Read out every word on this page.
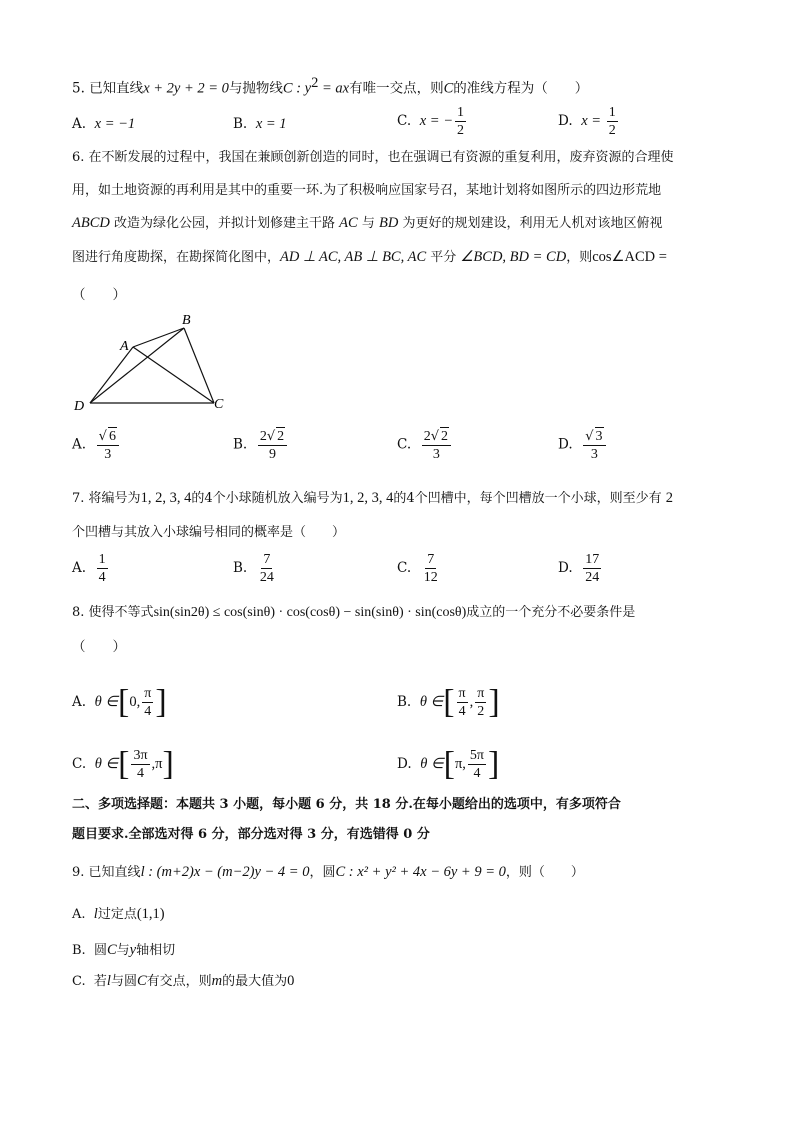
5. 已知直线x + 2y + 2 = 0与抛物线C : $y^2$ = ax有唯一交点，则C的准线方程为（　　）
A. x = −1	B. x = 1	C. x = − $\frac{1}{2}$	D. $x = \frac{1}{2}$
6. 在不断发展的过程中，我国在兼顾创新创造的同时，也在强调已有资源的重复利用，废弃资源的合理使
用，如土地资源的再利用是其中的重要一环.为了积极响应国家号召，某地计划将如图所示的四边形荒地
ABCD 改造为绿化公园，并拟计划修建主干路 AC 与 BD 为更好的规划建设，利用无人机对该地区俯视
图进行角度勘探，在勘探简化图中，AD ⊥ AC, AB ⊥ BC, AC 平分 ∠BCD, BD = CD，则cos∠ACD =
（　　）
A
B
C
D
A. $\frac{√ 6}{3}$	B. $\frac{2√ 2}{9}$	C. $\frac{2√ 2}{3}$	D. $\frac{√ 3}{3}$
7. 将编号为1, 2, 3, 4的4个小球随机放入编号为1, 2, 3, 4的4个凹槽中，每个凹槽放一个小球，则至少有 2
个凹槽与其放入小球编号相同的概率是（　　）
A. $\frac{1}{4}$	B. $\frac{7}{24}$	C. $\frac{7}{12}$	D. $\frac{17}{24}$
8. 使得不等式sin(sin2θ) ≤ cos(sinθ) · cos(cosθ) − sin(sinθ) · sin(cosθ)成立的一个充分不必要条件是
（　　）
A. θ ∈[0, $\frac{\pi}{4}$ ]	B. θ ∈[ $\frac{\pi}{4}$ , $\frac{\pi}{2}$ ]
C. θ ∈[ $\frac{3\pi}{4} ,\pi$]	D. θ ∈[π, $\frac{5\pi}{4}$ ]
二、多项选择题：本题共 3 小题，每小题 6 分，共 18 分.在每小题给出的选项中，有多项符合
题目要求.全部选对得 6 分，部分选对得 3 分，有选错得 0 分
9. 已知直线l : (m+2)x − (m−2)y − 4 = 0，圆C : x² + y² + 4x − 6y + 9 = 0，则（　　）
A. l过定点(1,1)
B. 圆C与y轴相切
C. 若l与圆C有交点，则m的最大值为0
